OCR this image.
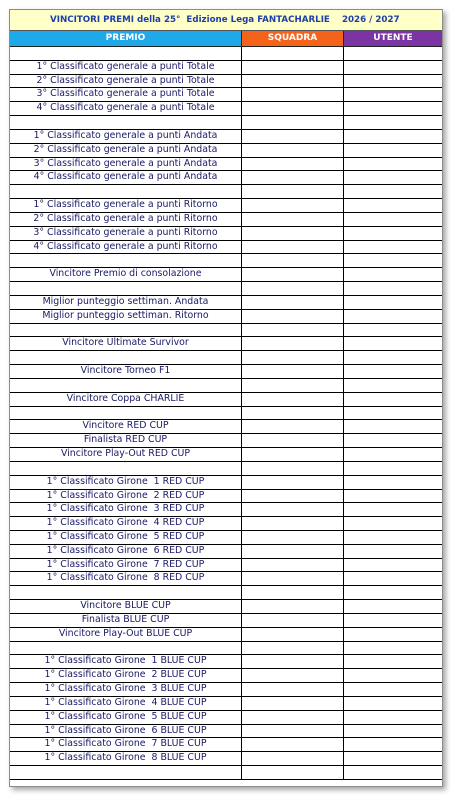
VINCITORI PREMI della 25°  Edizione Lega FANTACHARLIE    2026 / 2027
PREMIO	SQUADRA	UTENTE
1° Classificato generale a punti Totale
2° Classificato generale a punti Totale
3° Classificato generale a punti Totale
4° Classificato generale a punti Totale
1° Classificato generale a punti Andata
2° Classificato generale a punti Andata
3° Classificato generale a punti Andata
4° Classificato generale a punti Andata
1° Classificato generale a punti Ritorno
2° Classificato generale a punti Ritorno
3° Classificato generale a punti Ritorno
4° Classificato generale a punti Ritorno
Vincitore Premio di consolazione
Miglior punteggio settiman. Andata
Miglior punteggio settiman. Ritorno
Vincitore Ultimate Survivor
Vincitore Torneo F1
Vincitore Coppa CHARLIE
Vincitore RED CUP
Finalista RED CUP
Vincitore Play-Out RED CUP
1° Classificato Girone  1 RED CUP
1° Classificato Girone  2 RED CUP
1° Classificato Girone  3 RED CUP
1° Classificato Girone  4 RED CUP
1° Classificato Girone  5 RED CUP
1° Classificato Girone  6 RED CUP
1° Classificato Girone  7 RED CUP
1° Classificato Girone  8 RED CUP
Vincitore BLUE CUP
Finalista BLUE CUP
Vincitore Play-Out BLUE CUP
1° Classificato Girone  1 BLUE CUP
1° Classificato Girone  2 BLUE CUP
1° Classificato Girone  3 BLUE CUP
1° Classificato Girone  4 BLUE CUP
1° Classificato Girone  5 BLUE CUP
1° Classificato Girone  6 BLUE CUP
1° Classificato Girone  7 BLUE CUP
1° Classificato Girone  8 BLUE CUP
